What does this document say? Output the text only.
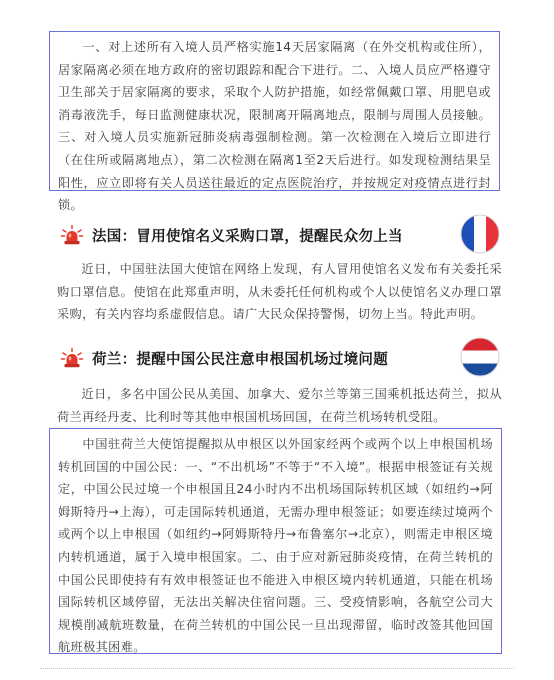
一、对上述所有入境人员严格实施14天居家隔离（在外交机构或住所），居家隔离必须在地方政府的密切跟踪和配合下进行。二、入境人员应严格遵守卫生部关于居家隔离的要求，采取个人防护措施，如经常佩戴口罩、用肥皂或消毒液洗手，每日监测健康状况，限制离开隔离地点，限制与周围人员接触。三、对入境人员实施新冠肺炎病毒强制检测。第一次检测在入境后立即进行（在住所或隔离地点），第二次检测在隔离1至2天后进行。如发现检测结果呈阳性，应立即将有关人员送往最近的定点医院治疗，并按规定对疫情点进行封锁。

法国：冒用使馆名义采购口罩，提醒民众勿上当

近日，中国驻法国大使馆在网络上发现，有人冒用使馆名义发布有关委托采购口罩信息。使馆在此郑重声明，从未委托任何机构或个人以使馆名义办理口罩采购，有关内容均系虚假信息。请广大民众保持警惕，切勿上当。特此声明。

荷兰：提醒中国公民注意申根国机场过境问题

近日，多名中国公民从美国、加拿大、爱尔兰等第三国乘机抵达荷兰，拟从荷兰再经丹麦、比利时等其他申根国机场回国，在荷兰机场转机受阻。

中国驻荷兰大使馆提醒拟从申根区以外国家经两个或两个以上申根国机场转机回国的中国公民：一、“不出机场”不等于“不入境”。根据申根签证有关规定，中国公民过境一个申根国且24小时内不出机场国际转机区域（如纽约→阿姆斯特丹→上海），可走国际转机通道，无需办理申根签证；如要连续过境两个或两个以上申根国（如纽约→阿姆斯特丹→布鲁塞尔→北京），则需走申根区境内转机通道，属于入境申根国家。二、由于应对新冠肺炎疫情，在荷兰转机的中国公民即使持有有效申根签证也不能进入申根区境内转机通道，只能在机场国际转机区域停留，无法出关解决住宿问题。三、受疫情影响，各航空公司大规模削减航班数量，在荷兰转机的中国公民一旦出现滞留，临时改签其他回国航班极其困难。
